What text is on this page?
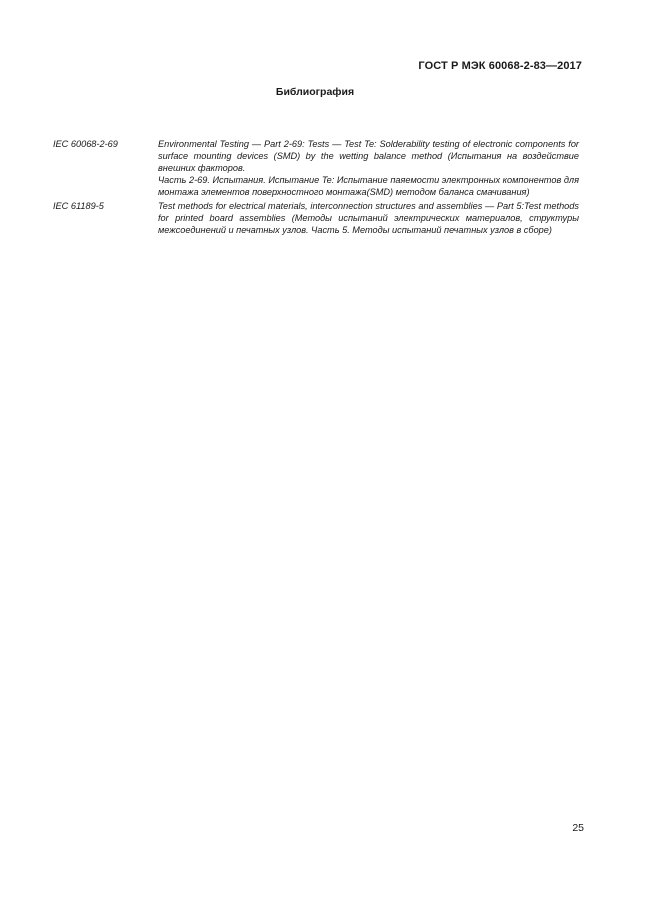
ГОСТ Р МЭК 60068-2-83—2017
Библиография
IEC 60068-2-69	Environmental Testing — Part 2-69: Tests — Test Te: Solderability testing of electronic components for surface mounting devices (SMD) by the wetting balance method (Испытания на воздействие внешних факторов.

Часть 2-69. Испытания. Испытание Te: Испытание паяемости электронных компонентов для монтажа элементов поверхностного монтажа(SMD) методом баланса смачивания)

IEC 61189-5	Test methods for electrical materials, interconnection structures and assemblies — Part 5:Test methods for printed board assemblies (Методы испытаний электрических материалов, структуры межсоединений и печатных узлов. Часть 5. Методы испытаний печатных узлов в сборе)

25
